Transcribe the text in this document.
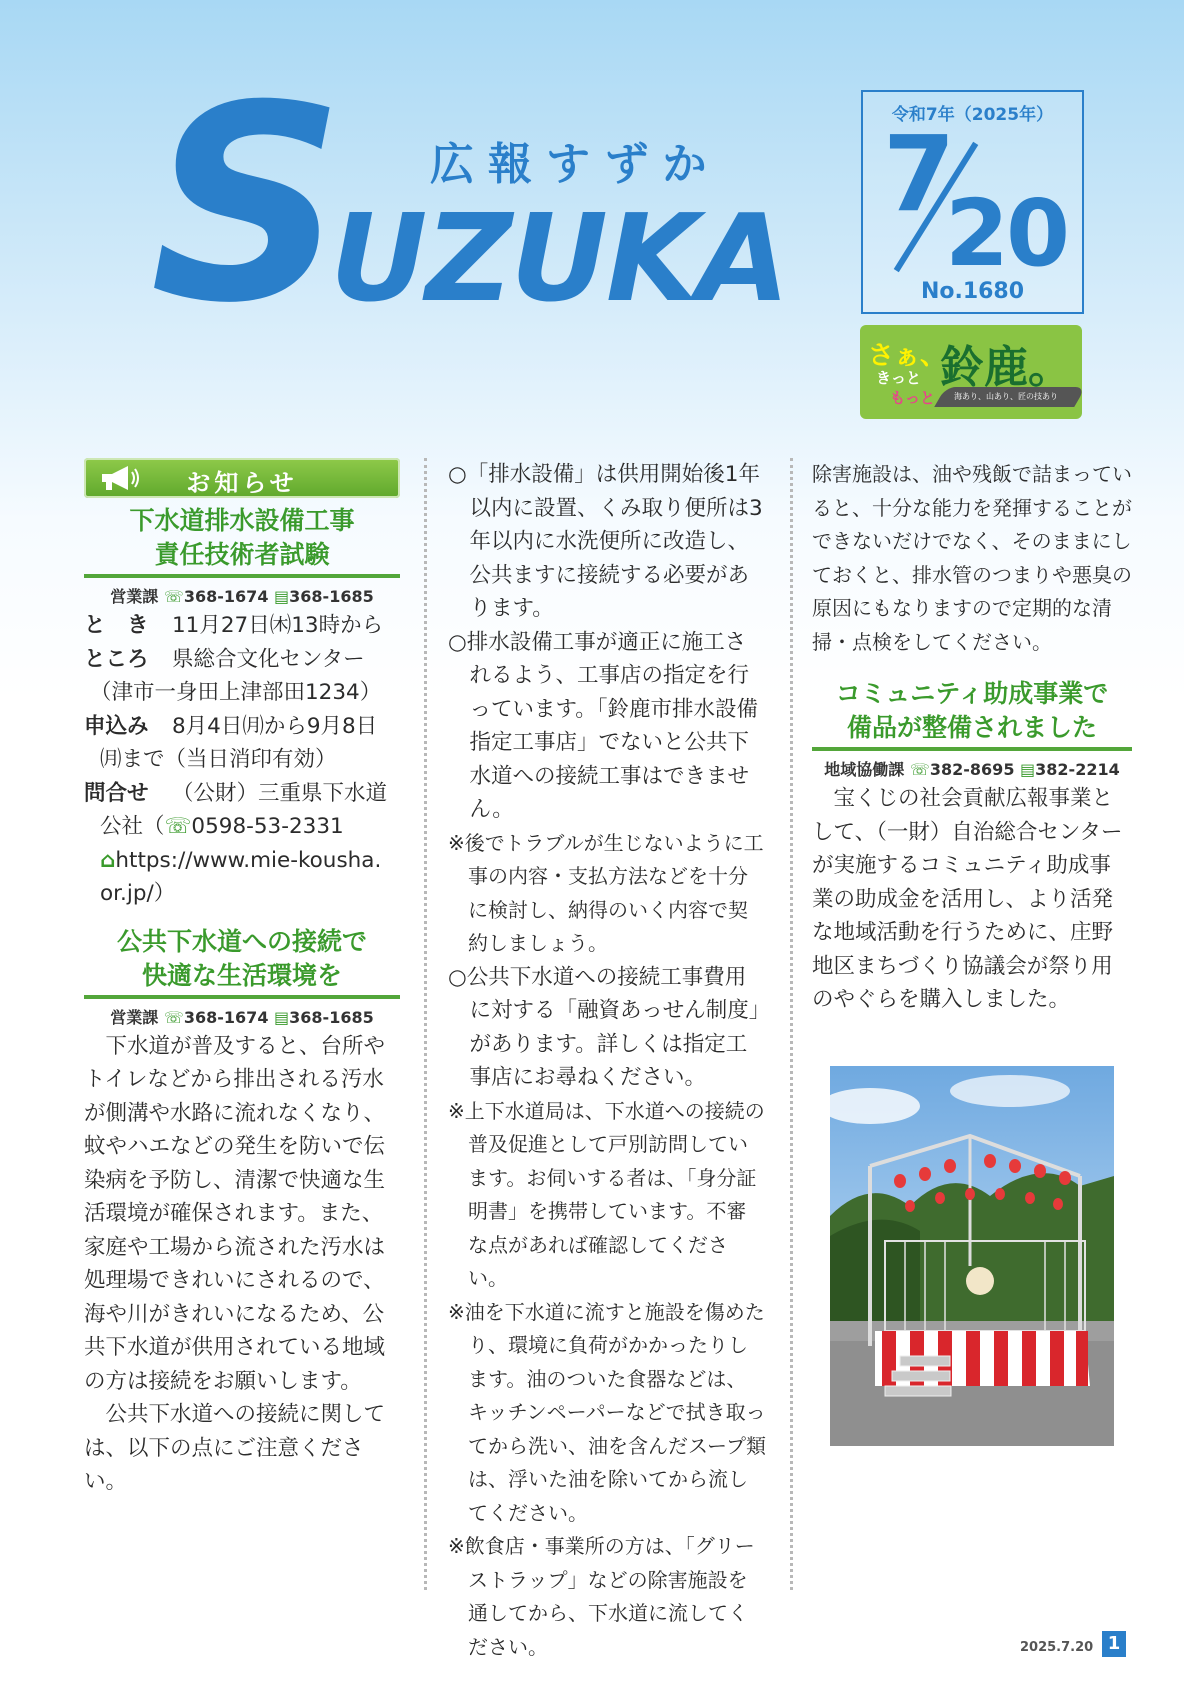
S
UZUKA
広報すずか
令和7年（2025年）
7
20
No.1680
さぁ、
きっと
もっと
鈴鹿。
海あり、山あり、匠の技あり
お知らせ
下水道排水設備工事
責任技術者試験
営業課 ☏368-1674 ▤368-1685
と　き	11月27日㈭13時から
ところ	県総合文化センター
（津市一身田上津部田1234）
申込み	8月4日㈪から9月8日
㈪まで（当日消印有効）
問合せ	（公財）三重県下水道
公社（☏0598-53-2331
⌂https://www.mie-kousha.
or.jp/）
公共下水道への接続で
快適な生活環境を
営業課 ☏368-1674 ▤368-1685
下水道が普及すると、台所やトイレなどから排出される汚水が側溝や水路に流れなくなり、蚊やハエなどの発生を防いで伝染病を予防し、清潔で快適な生活環境が確保されます。また、家庭や工場から流された汚水は処理場できれいにされるので、海や川がきれいになるため、公共下水道が供用されている地域の方は接続をお願いします。
公共下水道への接続に関しては、以下の点にご注意ください。
○「排水設備」は供用開始後1年以内に設置、くみ取り便所は3年以内に水洗便所に改造し、公共ますに接続する必要があります。
○排水設備工事が適正に施工されるよう、工事店の指定を行っています。「鈴鹿市排水設備指定工事店」でないと公共下水道への接続工事はできません。
※後でトラブルが生じないように工事の内容・支払方法などを十分に検討し、納得のいく内容で契約しましょう。
○公共下水道への接続工事費用に対する「融資あっせん制度」があります。詳しくは指定工事店にお尋ねください。
※上下水道局は、下水道への接続の普及促進として戸別訪問しています。お伺いする者は、「身分証明書」を携帯しています。不審な点があれば確認してください。
※油を下水道に流すと施設を傷めたり、環境に負荷がかかったりします。油のついた食器などは、キッチンペーパーなどで拭き取ってから洗い、油を含んだスープ類は、浮いた油を除いてから流してください。
※飲食店・事業所の方は、「グリーストラップ」などの除害施設を通してから、下水道に流してください。
除害施設は、油や残飯で詰まっていると、十分な能力を発揮することができないだけでなく、そのままにしておくと、排水管のつまりや悪臭の原因にもなりますので定期的な清掃・点検をしてください。
コミュニティ助成事業で
備品が整備されました
地域協働課 ☏382-8695 ▤382-2214
宝くじの社会貢献広報事業として、（一財）自治総合センターが実施するコミュニティ助成事業の助成金を活用し、より活発な地域活動を行うために、庄野地区まちづくり協議会が祭り用のやぐらを購入しました。
2025.7.20 1
